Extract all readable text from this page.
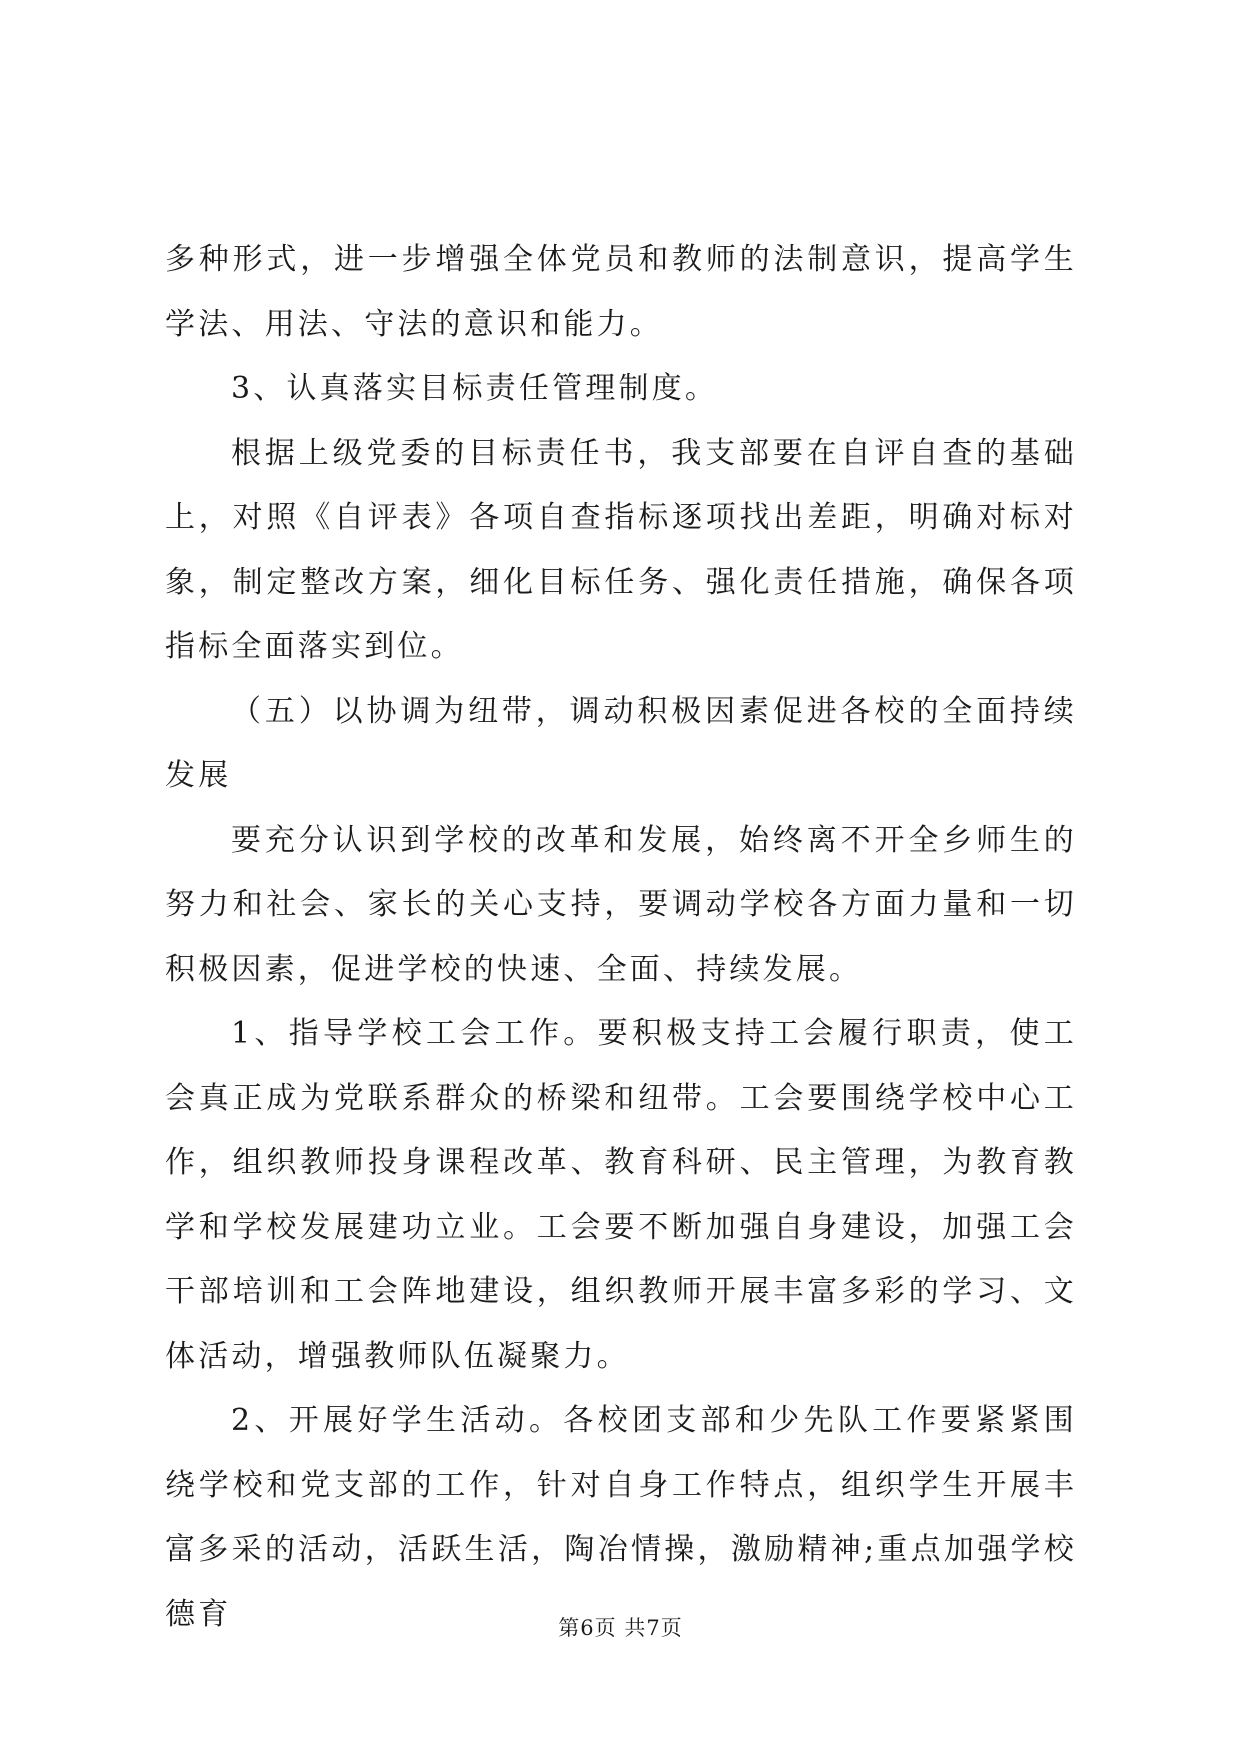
多种形式，进一步增强全体党员和教师的法制意识，提高学生学法、用法、守法的意识和能力。

3、认真落实目标责任管理制度。

根据上级党委的目标责任书，我支部要在自评自查的基础上，对照《自评表》各项自查指标逐项找出差距，明确对标对象，制定整改方案，细化目标任务、强化责任措施，确保各项指标全面落实到位。

（五）以协调为纽带，调动积极因素促进各校的全面持续发展

要充分认识到学校的改革和发展，始终离不开全乡师生的努力和社会、家长的关心支持，要调动学校各方面力量和一切积极因素，促进学校的快速、全面、持续发展。

1、指导学校工会工作。要积极支持工会履行职责，使工会真正成为党联系群众的桥梁和纽带。工会要围绕学校中心工作，组织教师投身课程改革、教育科研、民主管理，为教育教学和学校发展建功立业。工会要不断加强自身建设，加强工会干部培训和工会阵地建设，组织教师开展丰富多彩的学习、文体活动，增强教师队伍凝聚力。

2、开展好学生活动。各校团支部和少先队工作要紧紧围绕学校和党支部的工作，针对自身工作特点，组织学生开展丰富多采的活动，活跃生活，陶冶情操，激励精神;重点加强学校德育	第6页 共7页
